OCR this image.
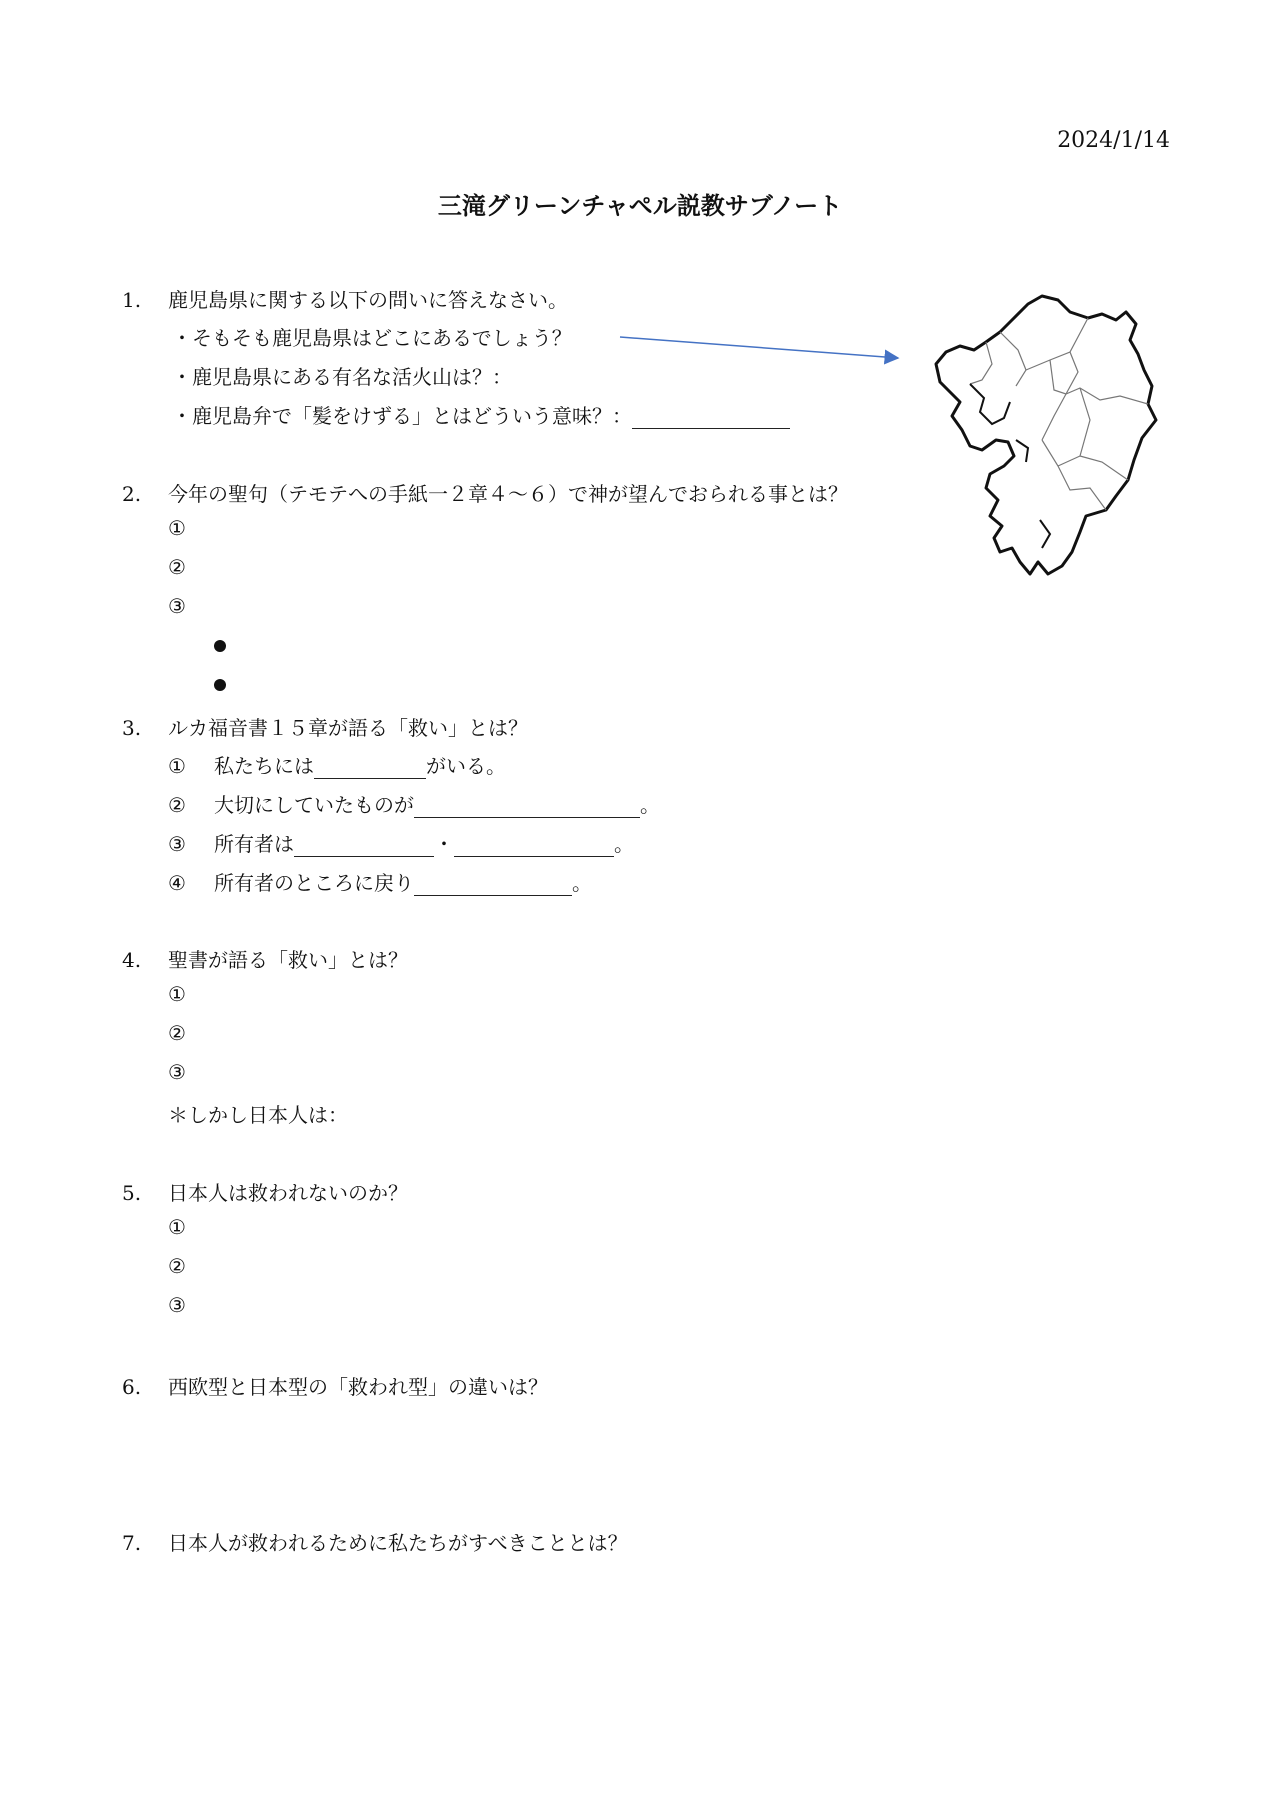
2024/1/14
三滝グリーンチャペル説教サブノート
1. 鹿児島県に関する以下の問いに答えなさい。
・そもそも鹿児島県はどこにあるでしょう？
・鹿児島県にある有名な活火山は？：
・鹿児島弁で「髪をけずる」とはどういう意味？：
2. 今年の聖句（テモテへの手紙一２章４～６）で神が望んでおられる事とは？
①
②
③
3. ルカ福音書１５章が語る「救い」とは？
① 私たちには	がいる。
② 大切にしていたものが	。
③ 所有者は	・	。
④ 所有者のところに戻り	。
4. 聖書が語る「救い」とは？
①
②
③
＊しかし日本人は：
5. 日本人は救われないのか？
①
②
③
6. 西欧型と日本型の「救われ型」の違いは？
7. 日本人が救われるために私たちがすべきこととは？
